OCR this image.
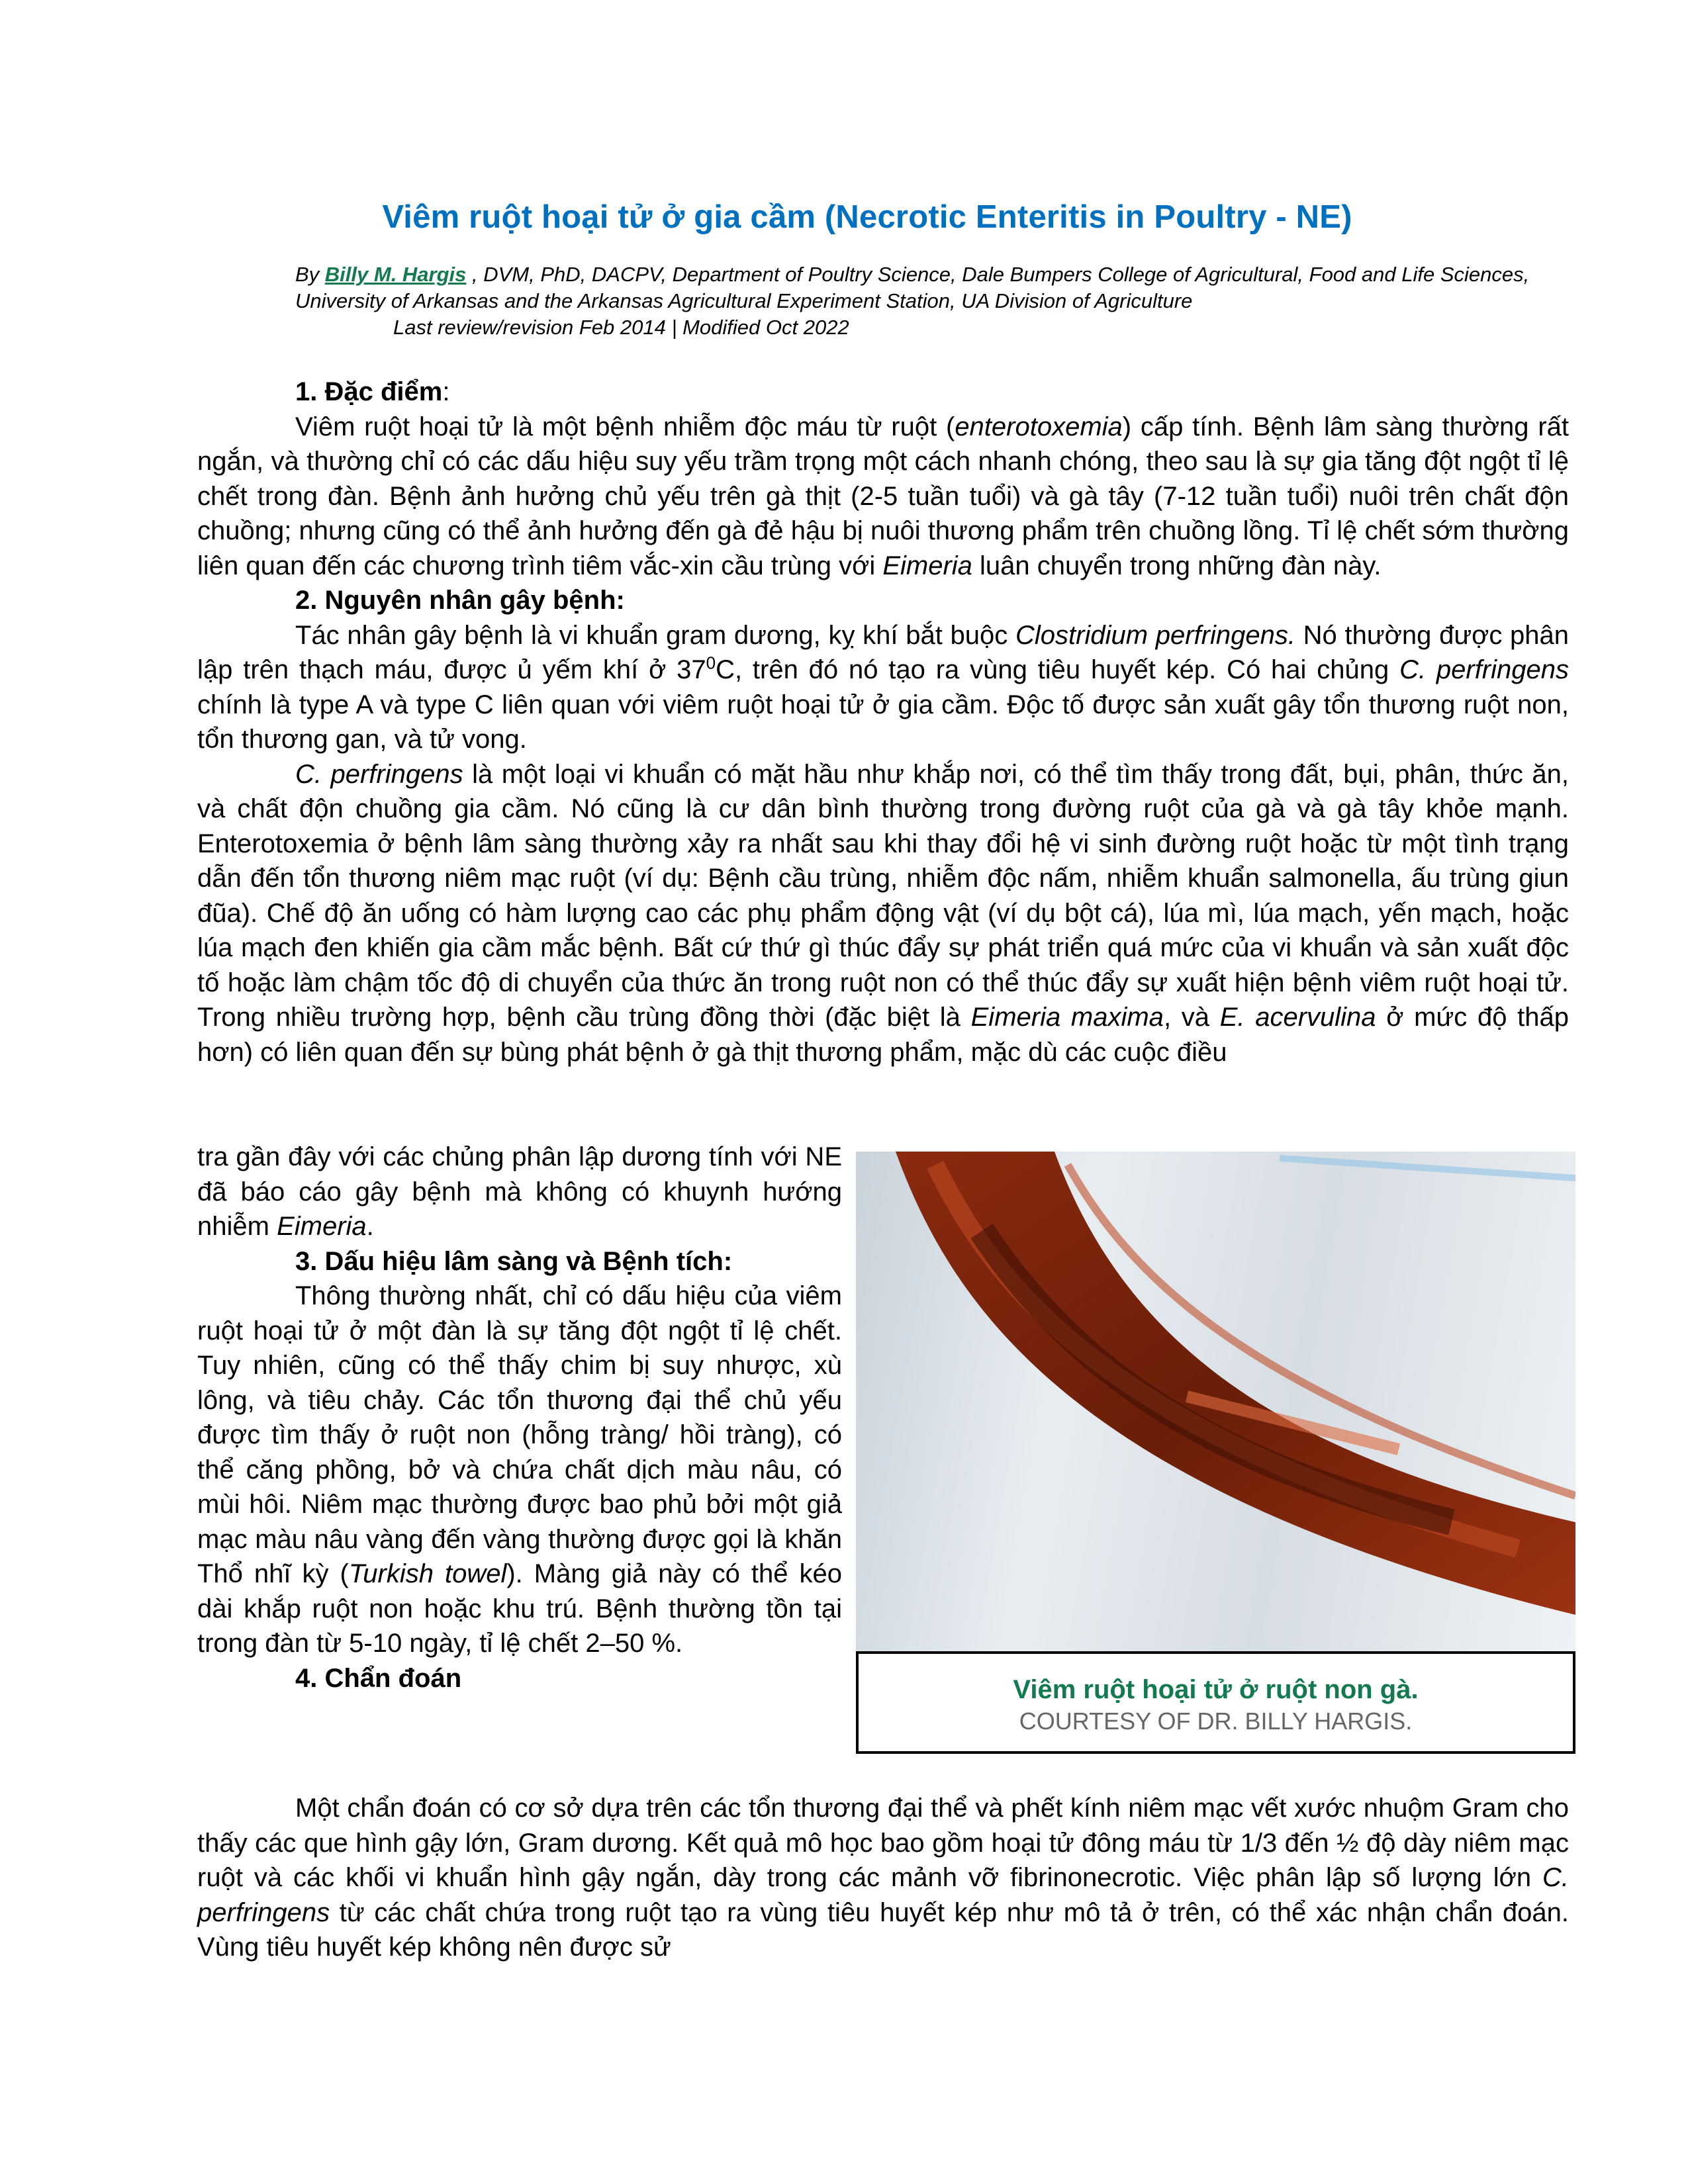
Viêm ruột hoại tử ở gia cầm (Necrotic Enteritis in Poultry - NE)

By Billy M. Hargis , DVM, PhD, DACPV, Department of Poultry Science, Dale Bumpers College of Agricultural, Food and Life Sciences, University of Arkansas and the Arkansas Agricultural Experiment Station, UA Division of Agriculture

Last review/revision Feb 2014 | Modified Oct 2022

1. Đặc điểm:

Viêm ruột hoại tử là một bệnh nhiễm độc máu từ ruột (enterotoxemia) cấp tính. Bệnh lâm sàng thường rất ngắn, và thường chỉ có các dấu hiệu suy yếu trầm trọng một cách nhanh chóng, theo sau là sự gia tăng đột ngột tỉ lệ chết trong đàn. Bệnh ảnh hưởng chủ yếu trên gà thịt (2-5 tuần tuổi) và gà tây (7-12 tuần tuổi) nuôi trên chất độn chuồng; nhưng cũng có thể ảnh hưởng đến gà đẻ hậu bị nuôi thương phẩm trên chuồng lồng. Tỉ lệ chết sớm thường liên quan đến các chương trình tiêm vắc-xin cầu trùng với Eimeria luân chuyển trong những đàn này.

2. Nguyên nhân gây bệnh:

Tác nhân gây bệnh là vi khuẩn gram dương, kỵ khí bắt buộc Clostridium perfringens. Nó thường được phân lập trên thạch máu, được ủ yếm khí ở $37^0C$, trên đó nó tạo ra vùng tiêu huyết kép. Có hai chủng C. perfringens chính là type A và type C liên quan với viêm ruột hoại tử ở gia cầm. Độc tố được sản xuất gây tổn thương ruột non, tổn thương gan, và tử vong.

C. perfringens là một loại vi khuẩn có mặt hầu như khắp nơi, có thể tìm thấy trong đất, bụi, phân, thức ăn, và chất độn chuồng gia cầm. Nó cũng là cư dân bình thường trong đường ruột của gà và gà tây khỏe mạnh. Enterotoxemia ở bệnh lâm sàng thường xảy ra nhất sau khi thay đổi hệ vi sinh đường ruột hoặc từ một tình trạng dẫn đến tổn thương niêm mạc ruột (ví dụ: Bệnh cầu trùng, nhiễm độc nấm, nhiễm khuẩn salmonella, ấu trùng giun đũa). Chế độ ăn uống có hàm lượng cao các phụ phẩm động vật (ví dụ bột cá), lúa mì, lúa mạch, yến mạch, hoặc lúa mạch đen khiến gia cầm mắc bệnh. Bất cứ thứ gì thúc đẩy sự phát triển quá mức của vi khuẩn và sản xuất độc tố hoặc làm chậm tốc độ di chuyển của thức ăn trong ruột non có thể thúc đẩy sự xuất hiện bệnh viêm ruột hoại tử. Trong nhiều trường hợp, bệnh cầu trùng đồng thời (đặc biệt là Eimeria maxima, và E. acervulina ở mức độ thấp hơn) có liên quan đến sự bùng phát bệnh ở gà thịt thương phẩm, mặc dù các cuộc điều

tra gần đây với các chủng phân lập dương tính với NE đã báo cáo gây bệnh mà không có khuynh hướng nhiễm Eimeria.

3. Dấu hiệu lâm sàng và Bệnh tích:

Thông thường nhất, chỉ có dấu hiệu của viêm ruột hoại tử ở một đàn là sự tăng đột ngột tỉ lệ chết. Tuy nhiên, cũng có thể thấy chim bị suy nhược, xù lông, và tiêu chảy. Các tổn thương đại thể chủ yếu được tìm thấy ở ruột non (hỗng tràng/ hồi tràng), có thể căng phồng, bở và chứa chất dịch màu nâu, có mùi hôi. Niêm mạc thường được bao phủ bởi một giả mạc màu nâu vàng đến vàng thường được gọi là khăn Thổ nhĩ kỳ (Turkish towel). Màng giả này có thể kéo dài khắp ruột non hoặc khu trú. Bệnh thường tồn tại trong đàn từ 5-10 ngày, tỉ lệ chết 2–50 %.

4. Chẩn đoán	Viêm ruột hoại tử ở ruột non gà.
COURTESY OF DR. BILLY HARGIS.

Một chẩn đoán có cơ sở dựa trên các tổn thương đại thể và phết kính niêm mạc vết xước nhuộm Gram cho thấy các que hình gậy lớn, Gram dương. Kết quả mô học bao gồm hoại tử đông máu từ 1/3 đến ½ độ dày niêm mạc ruột và các khối vi khuẩn hình gậy ngắn, dày trong các mảnh vỡ fibrinonecrotic. Việc phân lập số lượng lớn C. perfringens từ các chất chứa trong ruột tạo ra vùng tiêu huyết kép như mô tả ở trên, có thể xác nhận chẩn đoán. Vùng tiêu huyết kép không nên được sử
